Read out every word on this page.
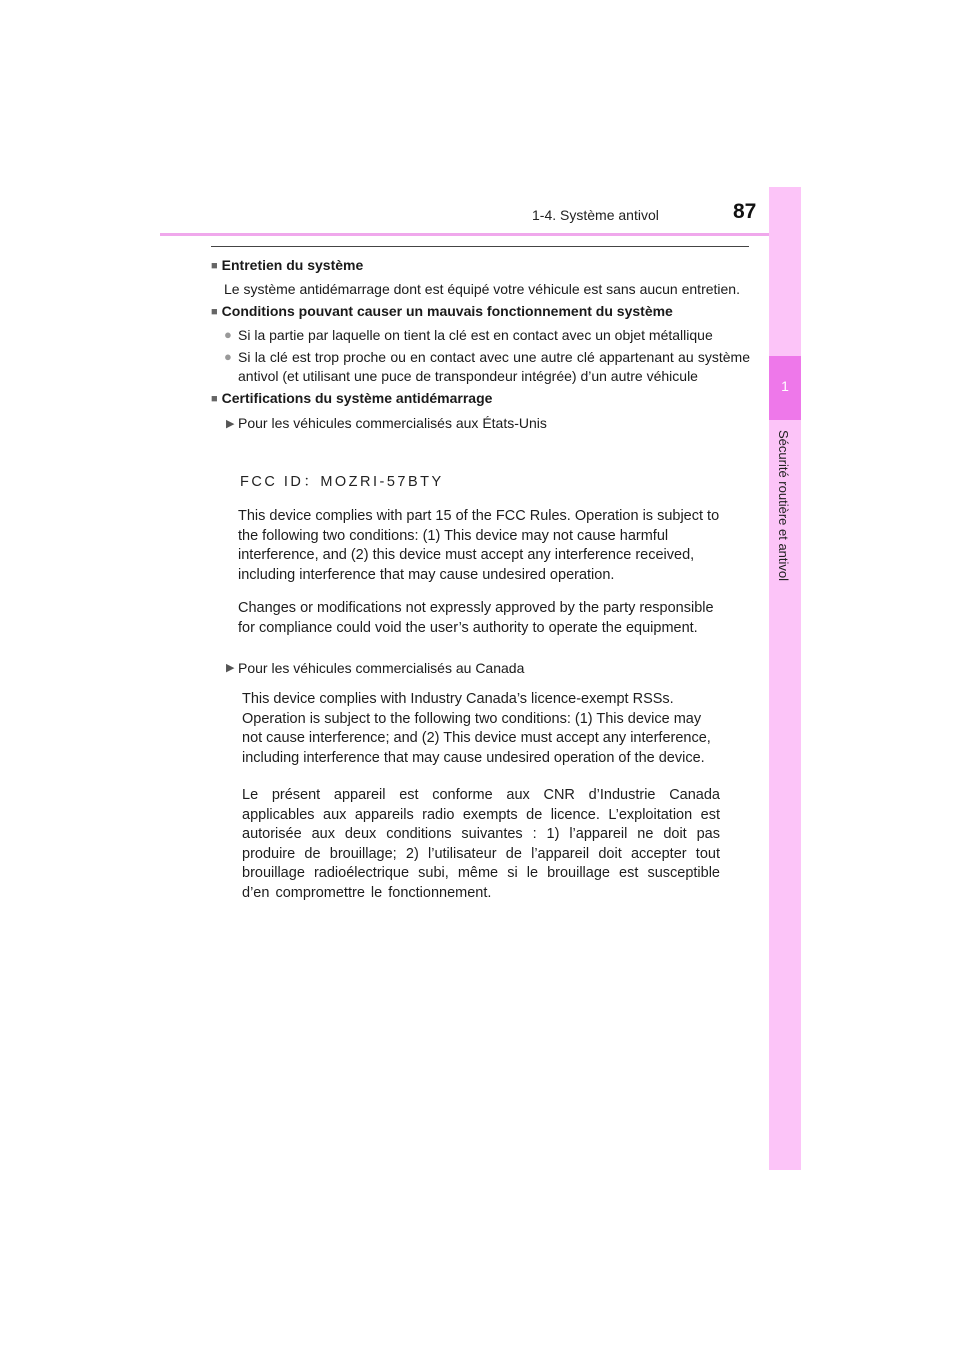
1-4. Système antivol	87
1
Sécurité routière et antivol

■ Entretien du système

Le système antidémarrage dont est équipé votre véhicule est sans aucun entretien.

■ Conditions pouvant causer un mauvais fonctionnement du système

● Si la partie par laquelle on tient la clé est en contact avec un objet métallique
● Si la clé est trop proche ou en contact avec une autre clé appartenant au système antivol (et utilisant une puce de transpondeur intégrée) d’un autre véhicule

■ Certifications du système antidémarrage

▶ Pour les véhicules commercialisés aux États-Unis

FCC ID：MOZRI-57BTY

This device complies with part 15 of the FCC Rules. Operation is subject to the following two conditions: (1) This device may not cause harmful interference, and (2) this device must accept any interference received, including interference that may cause undesired operation.

Changes or modifications not expressly approved by the party responsible for compliance could void the user’s authority to operate the equipment.

▶ Pour les véhicules commercialisés au Canada

This device complies with Industry Canada’s licence-exempt RSSs. Operation is subject to the following two conditions: (1) This device may not cause interference; and (2) This device must accept any interference, including interference that may cause undesired operation of the device.

Le présent appareil est conforme aux CNR d’Industrie Canada applicables aux appareils radio exempts de licence. L’exploitation est autorisée aux deux conditions suivantes : 1) l’appareil ne doit pas produire de brouillage; 2) l’utilisateur de l’appareil doit accepter tout brouillage radioélectrique subi, même si le brouillage est susceptible d’en compromettre le fonctionnement.
